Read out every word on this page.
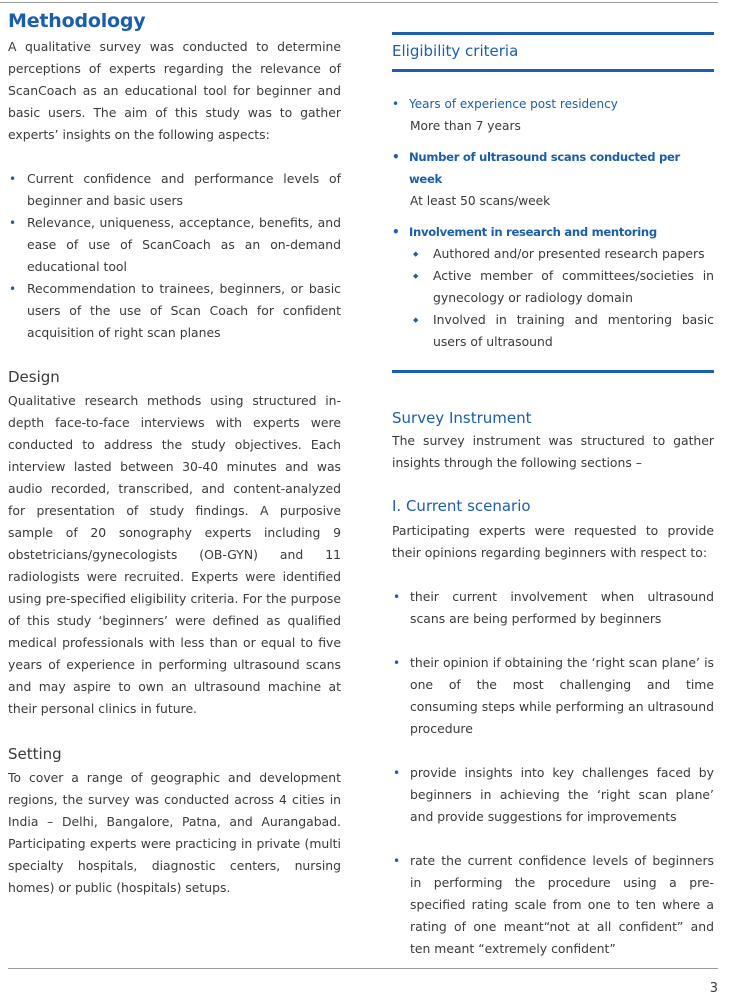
Methodology

A qualitative survey was conducted to determine perceptions of experts regarding the relevance of ScanCoach as an educational tool for beginner and basic users. The aim of this study was to gather experts’ insights on the following aspects:

• Current confidence and performance levels of beginner and basic users
• Relevance, uniqueness, acceptance, benefits, and ease of use of ScanCoach as an on-demand educational tool
• Recommendation to trainees, beginners, or basic users of the use of Scan Coach for confident acquisition of right scan planes
Design

Qualitative research methods using structured in-depth face-to-face interviews with experts were conducted to address the study objectives. Each interview lasted between 30-40 minutes and was audio recorded, transcribed, and content-analyzed for presentation of study findings. A purposive sample of 20 sonography experts including 9 obstetricians/gynecologists (OB-GYN) and 11 radiologists were recruited. Experts were identified using pre-specified eligibility criteria. For the purpose of this study ‘beginners’ were defined as qualified medical professionals with less than or equal to five years of experience in performing ultrasound scans and may aspire to own an ultrasound machine at their personal clinics in future.

Setting

To cover a range of geographic and development regions, the survey was conducted across 4 cities in India – Delhi, Bangalore, Patna, and Aurangabad. Participating experts were practicing in private (multi specialty hospitals, diagnostic centers, nursing homes) or public (hospitals) setups.

Eligibility criteria
• Years of experience post residency
More than 7 years
• Number of ultrasound scans conducted per week
At least 50 scans/week
• Involvement in research and mentoring
◆ Authored and/or presented research papers
◆ Active member of committees/societies in gynecology or radiology domain
◆ Involved in training and mentoring basic users of ultrasound
Survey Instrument

The survey instrument was structured to gather insights through the following sections –

I. Current scenario

Participating experts were requested to provide their opinions regarding beginners with respect to:

• their current involvement when ultrasound scans are being performed by beginners
• their opinion if obtaining the ‘right scan plane’ is one of the most challenging and time consuming steps while performing an ultrasound procedure
• provide insights into key challenges faced by beginners in achieving the ‘right scan plane’ and provide suggestions for improvements
• rate the current confidence levels of beginners in performing the procedure using a pre-specified rating scale from one to ten where a rating of one meant“not at all confident” and ten meant “extremely confident”
3
